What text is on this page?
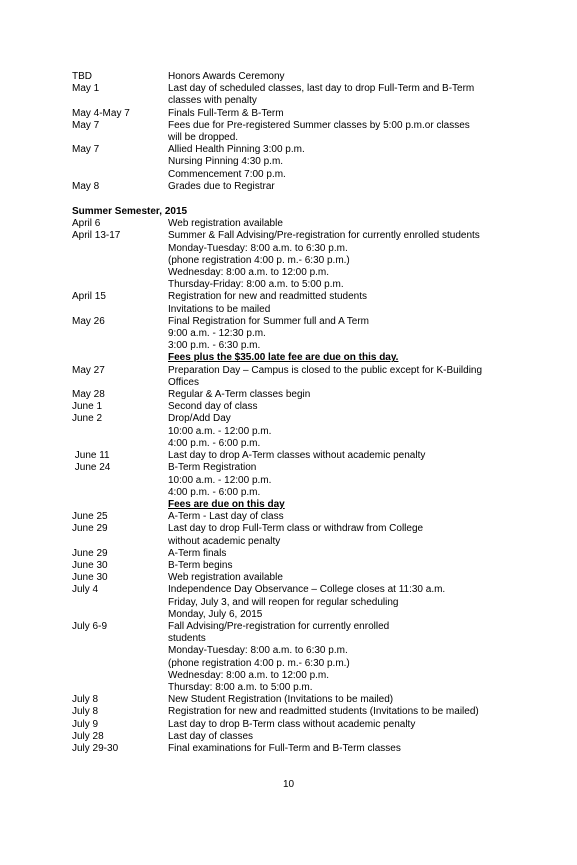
TBD	Honors Awards Ceremony
May 1	Last day of scheduled classes, last day to drop Full-Term and B-Term
classes with penalty
May 4-May 7	Finals Full-Term & B-Term
May 7	Fees due for Pre-registered Summer classes by 5:00 p.m.or classes
will be dropped.
May 7	Allied Health Pinning 3:00 p.m.
Nursing Pinning 4:30 p.m.
Commencement 7:00 p.m.
May 8	Grades due to Registrar
Summer Semester, 2015
April 6	Web registration available
April 13-17	Summer & Fall Advising/Pre-registration for currently enrolled students
Monday-Tuesday: 8:00 a.m. to 6:30 p.m.
(phone registration 4:00 p. m.- 6:30 p.m.)
Wednesday: 8:00 a.m. to 12:00 p.m.
Thursday-Friday: 8:00 a.m. to 5:00 p.m.
April 15	Registration for new and readmitted students
Invitations to be mailed
May 26	Final Registration for Summer full and A Term
9:00 a.m. - 12:30 p.m.
3:00 p.m. - 6:30 p.m.
Fees plus the $35.00 late fee are due on this day.
May 27	Preparation Day – Campus is closed to the public except for K-Building
Offices
May 28	Regular & A-Term classes begin
June 1	Second day of class
June 2	Drop/Add Day
10:00 a.m. - 12:00 p.m.
4:00 p.m. - 6:00 p.m.
June 11	Last day to drop A-Term classes without academic penalty
June 24	B-Term Registration
10:00 a.m. - 12:00 p.m.
4:00 p.m. - 6:00 p.m.
Fees are due on this day
June 25	A-Term - Last day of class
June 29	Last day to drop Full-Term class or withdraw from College
without academic penalty
June 29	A-Term finals
June 30	B-Term begins
June 30	Web registration available
July 4	Independence Day Observance – College closes at 11:30 a.m.
Friday, July 3, and will reopen for regular scheduling
Monday, July 6, 2015
July 6-9	Fall Advising/Pre-registration for currently enrolled
students
Monday-Tuesday: 8:00 a.m. to 6:30 p.m.
(phone registration 4:00 p. m.- 6:30 p.m.)
Wednesday: 8:00 a.m. to 12:00 p.m.
Thursday: 8:00 a.m. to 5:00 p.m.
July 8	New Student Registration (Invitations to be mailed)
July 8	Registration for new and readmitted students (Invitations to be mailed)
July 9	Last day to drop B-Term class without academic penalty
July 28	Last day of classes
July 29-30	Final examinations for Full-Term and B-Term classes
10
